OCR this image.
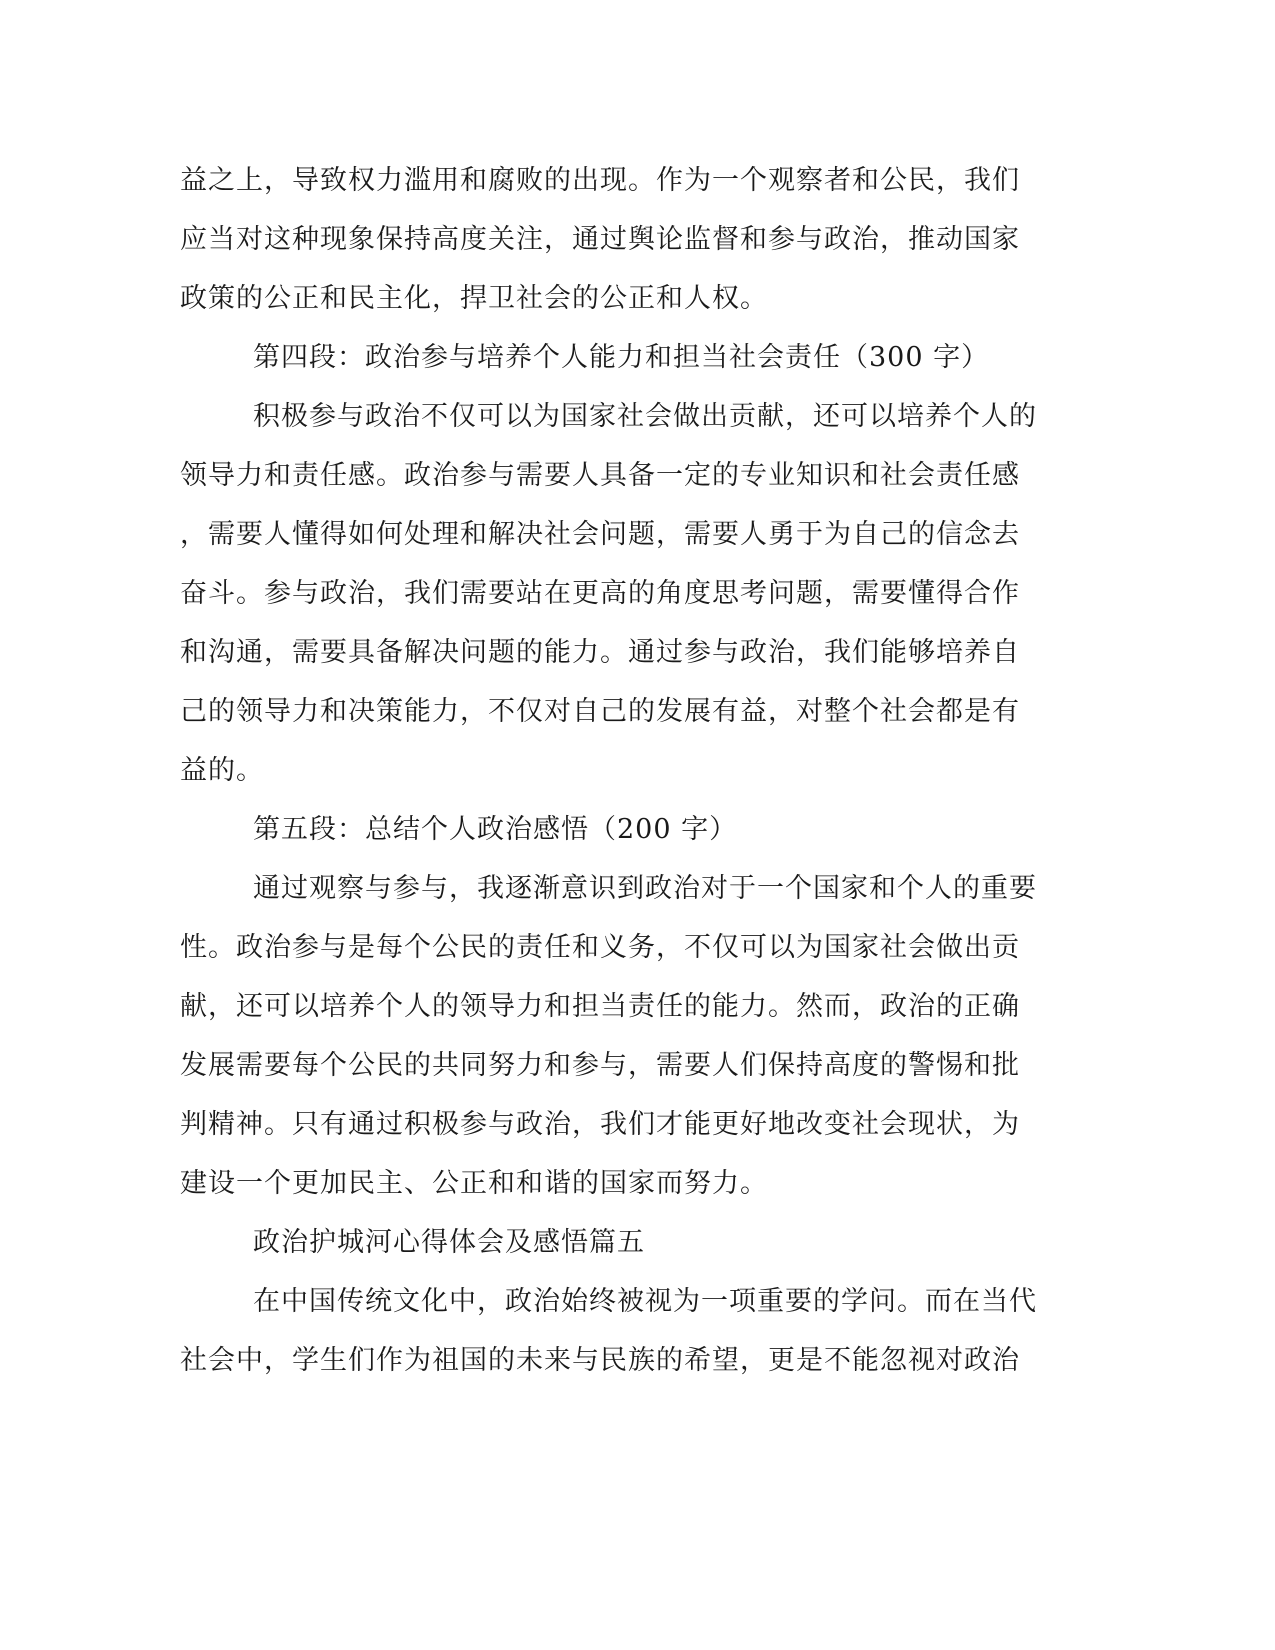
益之上，导致权力滥用和腐败的出现。作为一个观察者和公民，我们
应当对这种现象保持高度关注，通过舆论监督和参与政治，推动国家
政策的公正和民主化，捍卫社会的公正和人权。
第四段：政治参与培养个人能力和担当社会责任（300 字）
积极参与政治不仅可以为国家社会做出贡献，还可以培养个人的
领导力和责任感。政治参与需要人具备一定的专业知识和社会责任感
，需要人懂得如何处理和解决社会问题，需要人勇于为自己的信念去
奋斗。参与政治，我们需要站在更高的角度思考问题，需要懂得合作
和沟通，需要具备解决问题的能力。通过参与政治，我们能够培养自
己的领导力和决策能力，不仅对自己的发展有益，对整个社会都是有
益的。
第五段：总结个人政治感悟（200 字）
通过观察与参与，我逐渐意识到政治对于一个国家和个人的重要
性。政治参与是每个公民的责任和义务，不仅可以为国家社会做出贡
献，还可以培养个人的领导力和担当责任的能力。然而，政治的正确
发展需要每个公民的共同努力和参与，需要人们保持高度的警惕和批
判精神。只有通过积极参与政治，我们才能更好地改变社会现状，为
建设一个更加民主、公正和和谐的国家而努力。
政治护城河心得体会及感悟篇五
在中国传统文化中，政治始终被视为一项重要的学问。而在当代
社会中，学生们作为祖国的未来与民族的希望，更是不能忽视对政治
